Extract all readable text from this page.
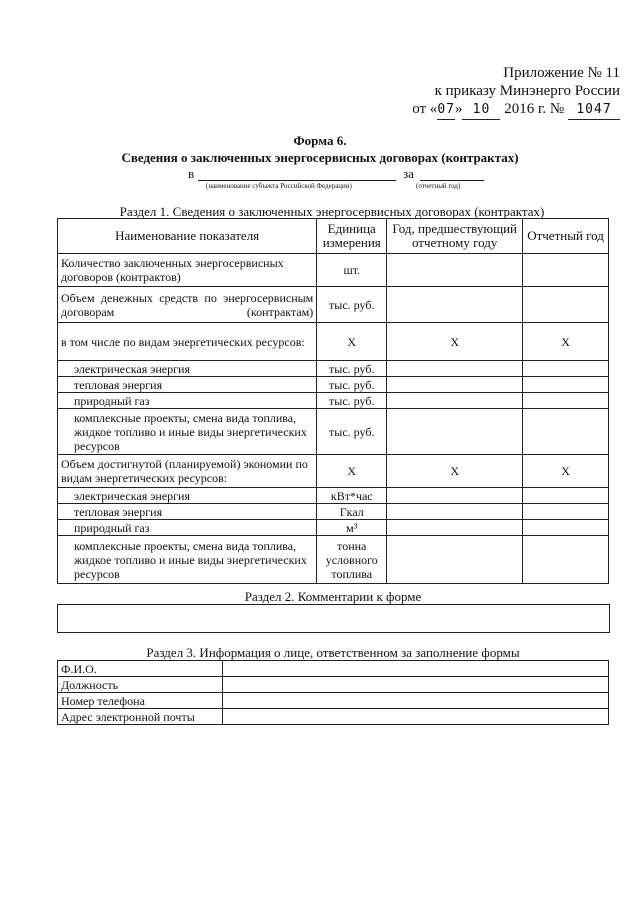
Приложение № 11
к приказу Минэнерго России
от «07» 10 2016 г. № 1047
Форма 6.
Сведения о заключенных энергосервисных договорах (контрактах)
в	за
(наименование субъекта Российской Федерации)	(отчетный год)
Раздел 1. Сведения о заключенных энергосервисных договорах (контрактах)
Наименование показателя	Единица измерения	Год, предшествующий отчетному году	Отчетный год
Количество заключенных энергосервисных договоров (контрактов)	шт.		
Объем денежных средств по энергосервисным договорам (контрактам)	тыс. руб.		
в том числе по видам энергетических ресурсов:	X	X	X
электрическая энергия	тыс. руб.		
тепловая энергия	тыс. руб.		
природный газ	тыс. руб.		
комплексные проекты, смена вида топлива, жидкое топливо и иные виды энергетических ресурсов	тыс. руб.		
Объем достигнутой (планируемой) экономии по видам энергетических ресурсов:	X	X	X
электрическая энергия	кВт*час		
тепловая энергия	Гкал		
природный газ	м³		
комплексные проекты, смена вида топлива, жидкое топливо и иные виды энергетических ресурсов	тонна условного топлива		
Раздел 2. Комментарии к форме
Раздел 3. Информация о лице, ответственном за заполнение формы
Ф.И.О.	
Должность	
Номер телефона	
Адрес электронной почты	
